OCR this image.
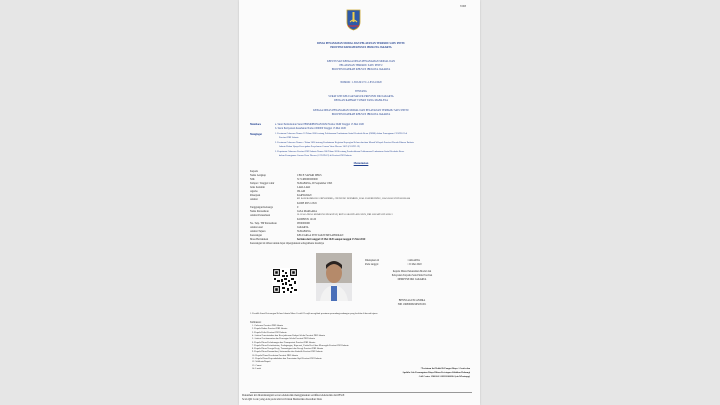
V.063
DINAS PENANAMAN MODAL DAN PELAYANAN TERPADU SATU PINTU
PROVINSI DAERAH KHUSUS IBUKOTA JAKARTA
KEPUTUSAN KEPALA DINAS PENANAMAN MODAL DAN
PELAYANAN TERPADU SATU PINTU
PROVINSI DAERAH KHUSUS IBUKOTA JAKARTA
NOMOR : 1.563.29/17/1/-1.853.2/2020
TENTANG
SURAT IZIN KELUAR MASUK PROVINSI DKI JAKARTA
DENGAN RAHMAT TUHAN YANG MAHA ESA
KEPALA DINAS PENANAMAN MODAL DAN PELAYANAN TERPADU SATU PINTU
PROVINSI DAERAH KHUSUS IBUKOTA JAKARTA
Membaca	a. Surat Permohonan Surat PERMOHONAN IKM Nomor IKM Tanggal 15 Mei 2020
b. Surat Pernyataan Kesehatan Nomor 000000 Tanggal 15 Mei 2020
Mengingat	1. Peraturan Gubernur Nomor 33 Tahun 2020 tentang Pelaksanaan Pembatasan Sosial Berskala Besar (PSBB) dalam Penanganan COVID-19 di
Provinsi DKI Jakarta
2. Peraturan Gubernur Nomor - Tahun 2020 tentang Pembatasan Kegiatan Bepergian Keluar dan/atau Masuk Wilayah Provinsi Daerah Khusus Ibukota
Jakarta Dalam Upaya Pencegahan Penyebaran Corona Virus Disease 2019 (COVID-19)
3. Keputusan Gubernur Provinsi DKI Jakarta Nomor 380 Tahun 2020 tentang Pemberlakuan Pelaksanaan Pembatasan Sosial Berskala Besar
dalam Penanganan Corona Virus Disease (COVID-19) di Provinsi DKI Jakarta
Memutuskan
Kepada
Nama Lengkap	CEICE SAFARI ZHKS
NIK	3171480000000000
Tempat / Tanggal Lahir	SURABAYA, 00 September 1995
Jenis Kelamin	LAKI-LAKI
Agama	ISLAM
Pekerjaan	KARYAWAN
Alamat	KP. BALEKAMBANG GRIYAPRIMA, CIPAYUNG NGEMBUL, KAB. PASURUHUNG, JAWA BARAT RT 00 RW 000
KODE POS 12345
Tanggungan Keluarga	0
Nama Perusahaan	JASA MARGARA
Alamat Perusahaan	JL. RASA NUSA MAMPANG PRAPATAN, KOTA JAKARTA SELATAN, DKI JAKARTA RT 4 RW 2
KODEPOS 12120
No. Telp / HP Perusahaan	0850000000
Alamat Asal	JAKARTA
Alamat Tujuan	SURABAYA
Keterangan	KELUARGA INTI SAKIT/MELAHIRKAN
Masa Berlakukan	berlaku dari tanggal 15 Mei 2020 sampai tanggal 15 Mei 2020
Keterangan ini dibuat untuk dapat dipergunakan sebagaimana mestinya
Ditetapkan di	: JAKARTA
Pada tanggal	: 15 Mei 2020
Kepala Dinas Penanaman Modal dan
Pelayanan Terpadu Satu Pintu Provinsi
DPMPTSP DKI JAKARTA
BENNI AGUSCANDRA
NIP. 196806061995031001
1. Pemilik Surat Keterangan Keluar Jakarta Masa Covid-19 wajib mengikuti peraturan perundang-undangan yang berlaku di daerah tujuan
Tembusan:
1. Gubernur Provinsi DKI Jakarta
2. Kepala Badan Provinsi DKI Jakarta
3. Kepala Polisi Provinsi DKI Jakarta
4. Asisten Pemerintahan dan Kesejahteraan Rakyat Sekda Provinsi DKI Jakarta
5. Asisten Perekonomian dan Keuangan Sekda Provinsi DKI Jakarta
6. Kepala Dinas Perhubungan dan Transportasi Provinsi DKI Jakarta
7. Kepala Dinas Perindustrian, Perdagangan, Koperasi, Usaha Kecil dan Menengah Provinsi DKI Jakarta
8. Kepala Dinas Tenaga Kerja, Transmigrasi dan Energi Provinsi DKI Jakarta
9. Kepala Dinas Komunikasi, Informatika dan Statistik Provinsi DKI Jakarta
10. Kepala Dinas Kesehatan Provinsi DKI Jakarta
11. Kepala Dinas Kependudukan dan Pencatatan Sipil Provinsi DKI Jakarta
12. Walikota/Bupati
13. Camat
14. Lurah	*Perizinan Ini Tidak Di Pungut Biaya / Gratis dan
Apabila Ada Pemungutan Biaya Diluar Ketetapan Silahkan Hubungi
Call Center 1500164 / 082120300164 (via Whatsapp)
Dokumen ini ditandatangani secara elektronik menggunakan sertifikat elektronik dari BSrE
Scan QR Code yang Ada pada izin ini Untuk Memeriksa Keaslian Data
